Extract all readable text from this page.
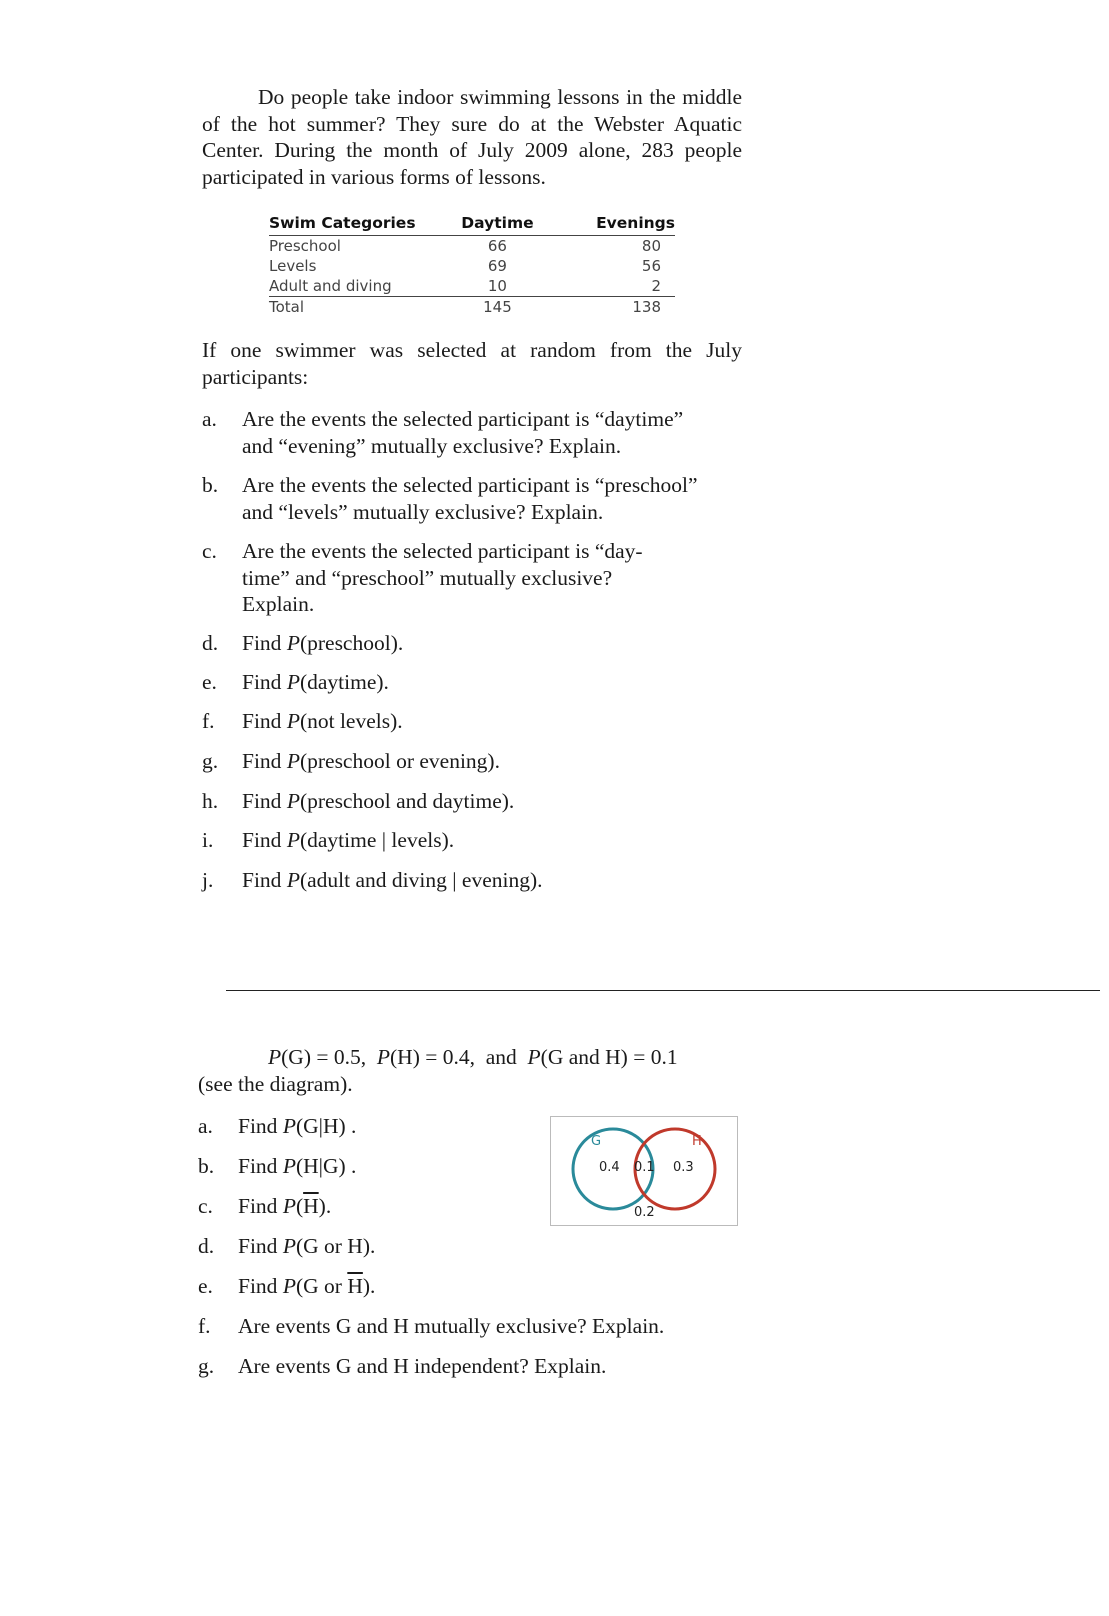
Do people take indoor swimming lessons in the middle of the hot summer? They sure do at the Webster Aquatic Center. During the month of July 2009 alone, 283 people participated in various forms of lessons.
Swim Categories	Daytime	Evenings
Preschool	66	80
Levels	69	56
Adult and diving	10	2
Total	145	138
If one swimmer was selected at random from the July participants:
a. Are the events the selected participant is “daytime”
and “evening” mutually exclusive? Explain.
b. Are the events the selected participant is “preschool”
and “levels” mutually exclusive? Explain.
c. Are the events the selected participant is “day-
time” and “preschool” mutually exclusive?
Explain.
d. Find P(preschool).
e. Find P(daytime).
f. Find P(not levels).
g. Find P(preschool or evening).
h. Find P(preschool and daytime).
i. Find P(daytime | levels).
j. Find P(adult and diving | evening).
P(G) = 0.5,  P(H) = 0.4,  and  P(G and H) = 0.1
(see the diagram).
a. Find P(G|H) .
b. Find P(H|G) .
c. Find $P(\overline{H})$.
d. Find P(G or H).
e. Find P(G or $\overline{H}$).
f. Are events G and H mutually exclusive? Explain.
g. Are events G and H independent? Explain.
G	H
0.4 0.1 0.3
0.2
